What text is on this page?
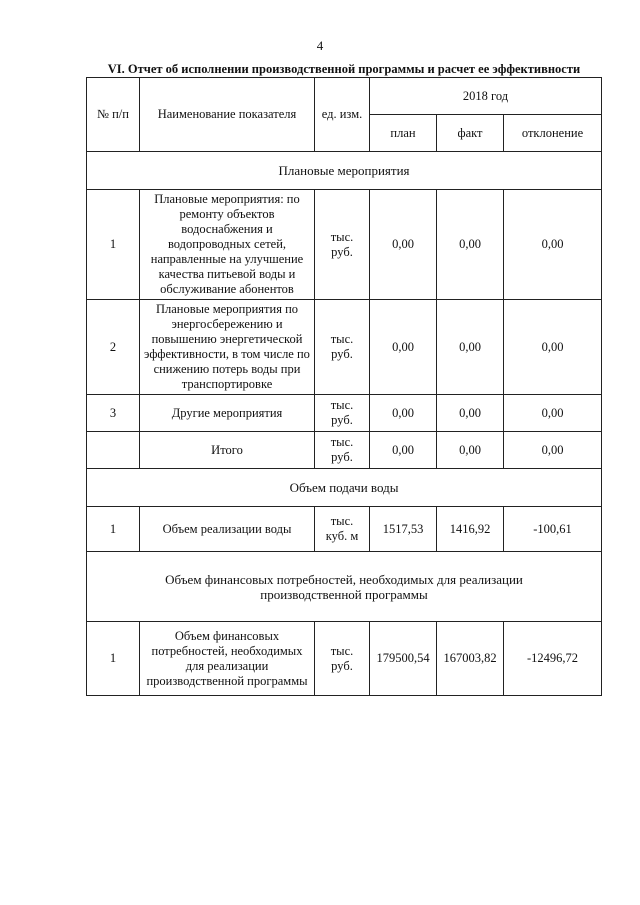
4
VI. Отчет об исполнении производственной программы и расчет ее эффективности
№ п/п	Наименование показателя	ед. изм.	2018 год		
			план	факт	отклонение
Плановые мероприятия					
1	Плановые мероприятия: по ремонту объектов водоснабжения и водопроводных сетей, направленные на улучшение качества питьевой воды и обслуживание абонентов	тыс. руб.	0,00	0,00	0,00
2	Плановые мероприятия по энергосбережению и повышению энергетической эффективности, в том числе по снижению потерь воды при транспортировке	тыс. руб.	0,00	0,00	0,00
3	Другие мероприятия	тыс. руб.	0,00	0,00	0,00
	Итого	тыс. руб.	0,00	0,00	0,00
Объем подачи воды					
1	Объем реализации воды	тыс. куб. м	1517,53	1416,92	-100,61
Объем финансовых потребностей, необходимых для реализации производственной программы					
1	Объем финансовых потребностей, необходимых для реализации производственной программы	тыс. руб.	179500,54	167003,82	-12496,72
